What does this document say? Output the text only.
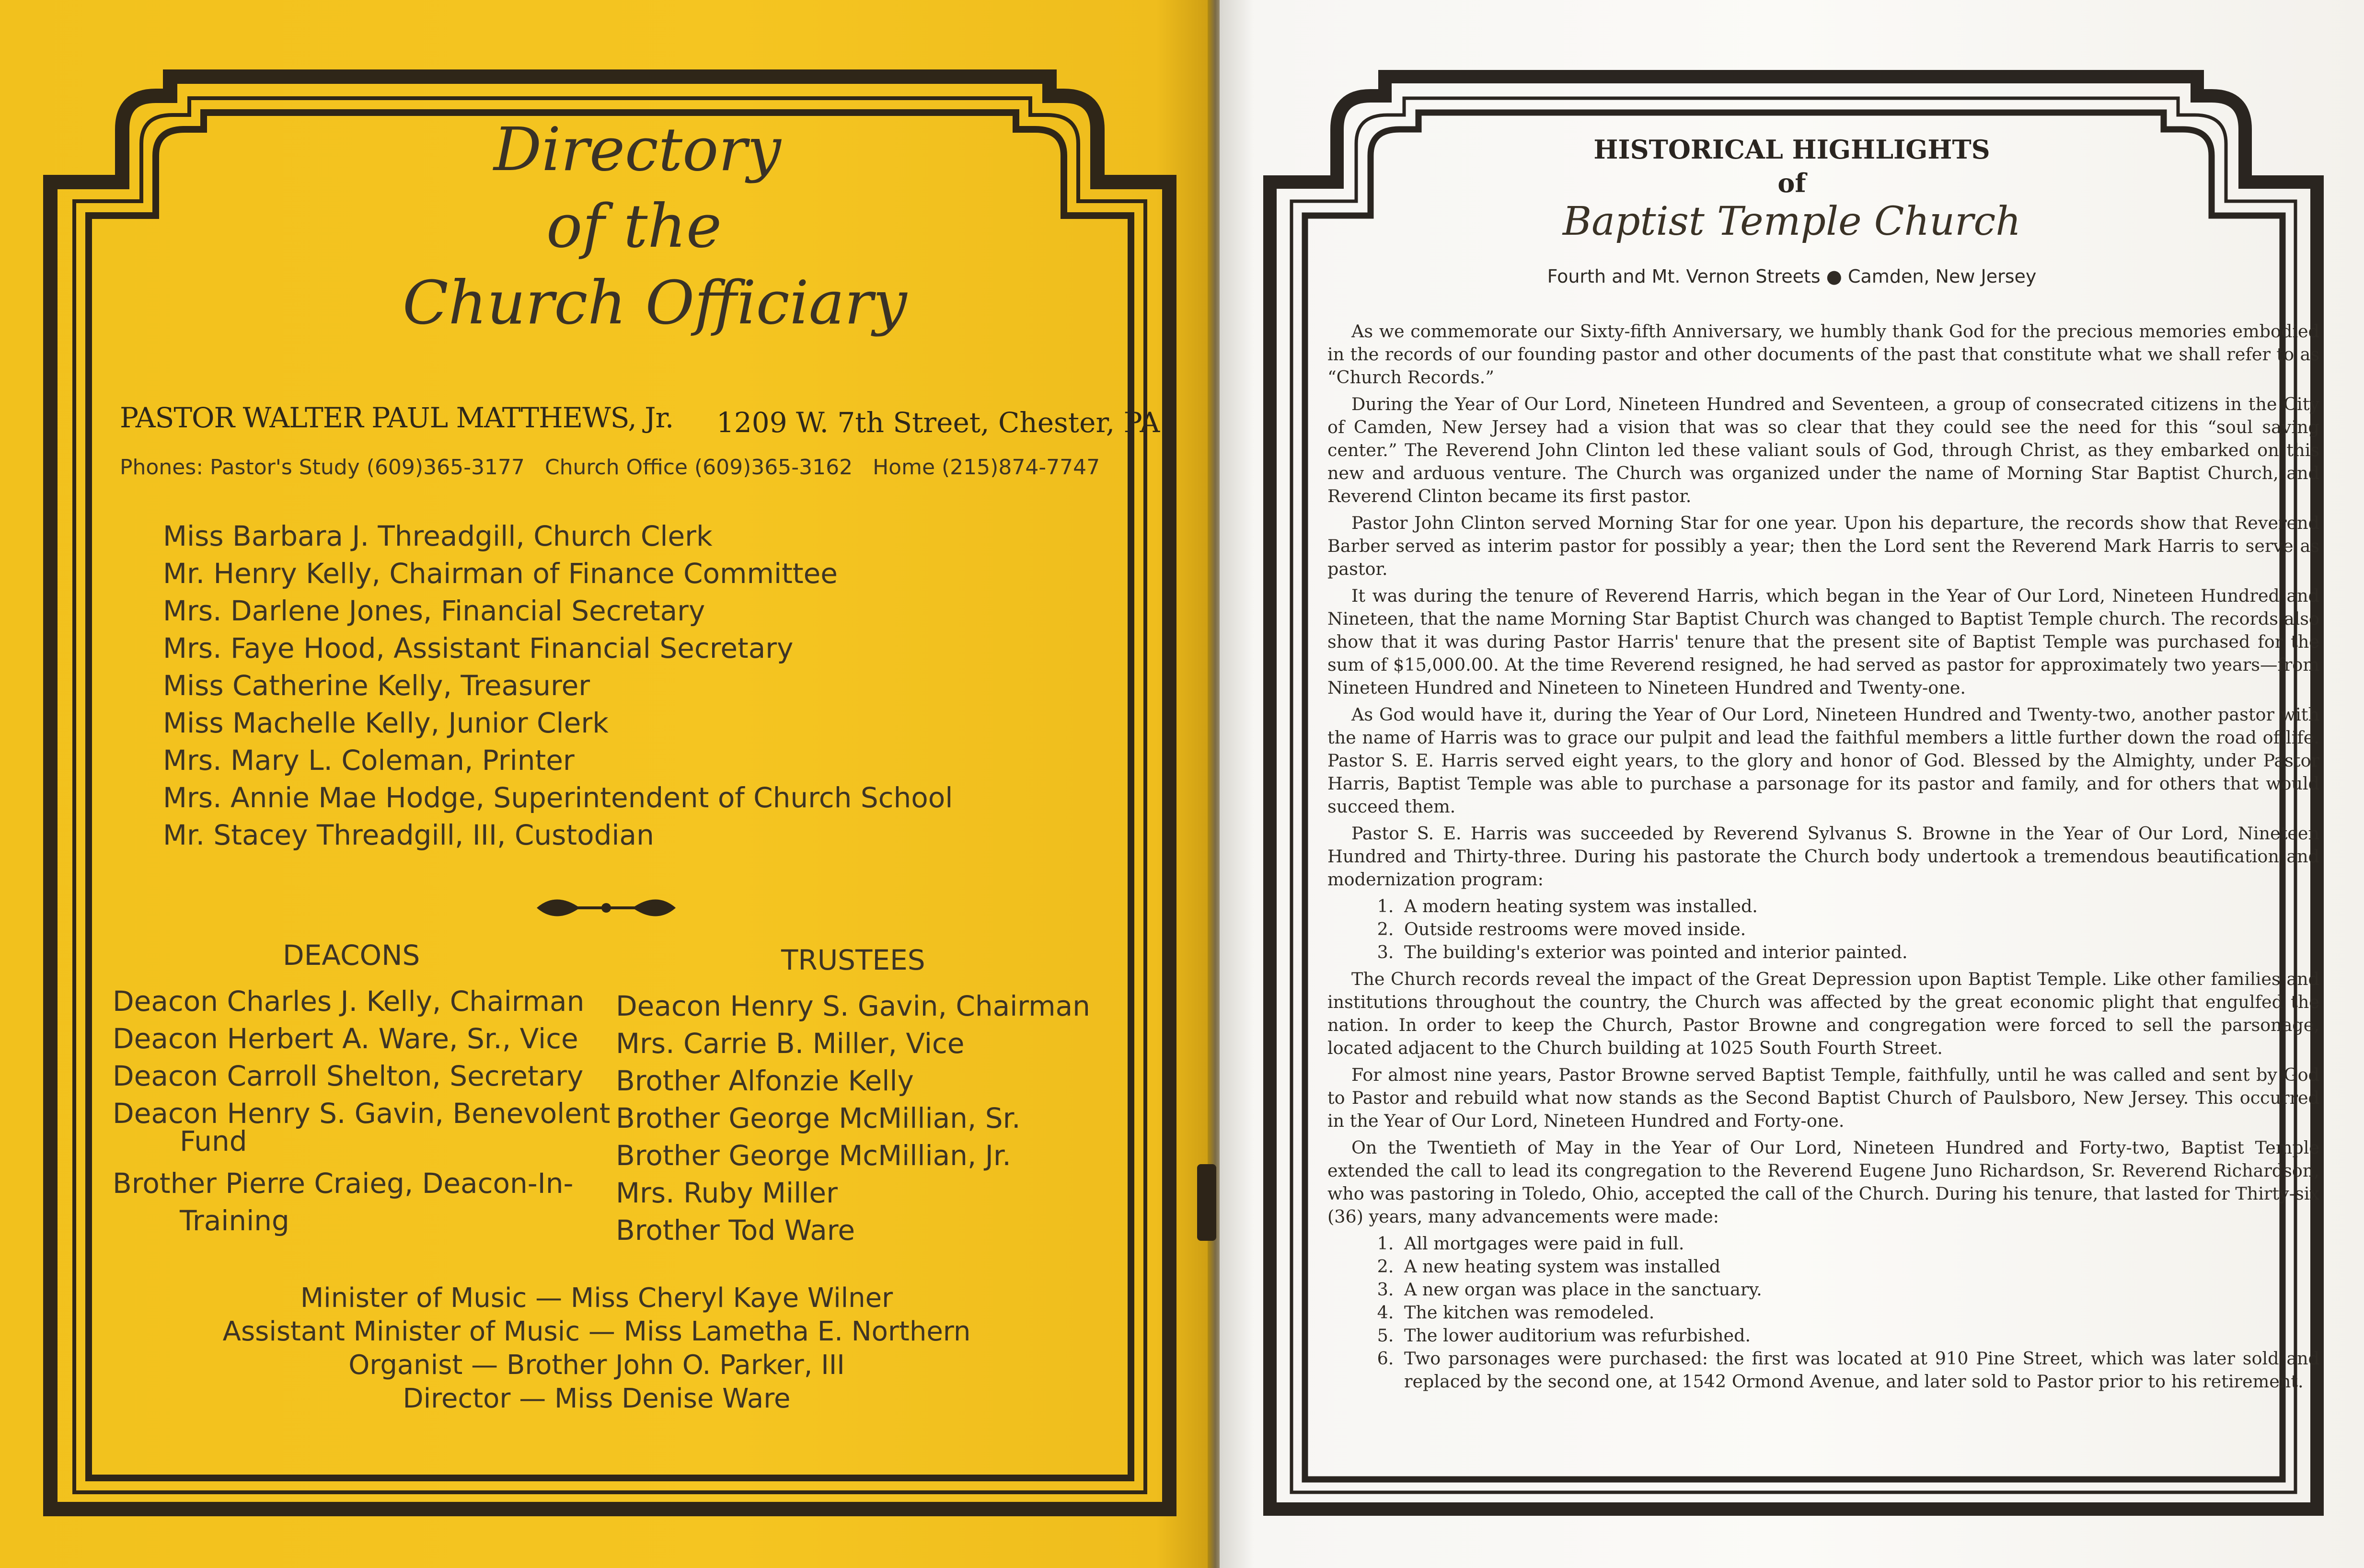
Directory
of the
Church Officiary
PASTOR WALTER PAUL MATTHEWS, Jr. 1209 W. 7th Street, Chester, PA
Phones: Pastor's Study (609)365-3177   Church Office (609)365-3162   Home (215)874-7747
Miss Barbara J. Threadgill, Church Clerk
Mr. Henry Kelly, Chairman of Finance Committee
Mrs. Darlene Jones, Financial Secretary
Mrs. Faye Hood, Assistant Financial Secretary
Miss Catherine Kelly, Treasurer
Miss Machelle Kelly, Junior Clerk
Mrs. Mary L. Coleman, Printer
Mrs. Annie Mae Hodge, Superintendent of Church School
Mr. Stacey Threadgill, III, Custodian
DEACONS
Deacon Charles J. Kelly, Chairman
Deacon Herbert A. Ware, Sr., Vice
Deacon Carroll Shelton, Secretary
Deacon Henry S. Gavin, Benevolent
Fund
Brother Pierre Craieg, Deacon-In-
Training
TRUSTEES
Deacon Henry S. Gavin, Chairman
Mrs. Carrie B. Miller, Vice
Brother Alfonzie Kelly
Brother George McMillian, Sr.
Brother George McMillian, Jr.
Mrs. Ruby Miller
Brother Tod Ware
Minister of Music — Miss Cheryl Kaye Wilner
Assistant Minister of Music — Miss Lametha E. Northern
Organist — Brother John O. Parker, III
Director — Miss Denise Ware
HISTORICAL HIGHLIGHTS
of
Baptist Temple Church
Fourth and Mt. Vernon Streets ● Camden, New Jersey

As we commemorate our Sixty-fifth Anniversary, we humbly thank God for the precious memories embodied in the records of our founding pastor and other documents of the past that constitute what we shall refer to as “Church Records.”

During the Year of Our Lord, Nineteen Hundred and Seventeen, a group of consecrated citizens in the City of Camden, New Jersey had a vision that was so clear that they could see the need for this “soul saving center.” The Reverend John Clinton led these valiant souls of God, through Christ, as they embarked on this new and arduous venture. The Church was organized under the name of Morning Star Baptist Church, and Reverend Clinton became its first pastor.

Pastor John Clinton served Morning Star for one year. Upon his departure, the records show that Reverend Barber served as interim pastor for possibly a year; then the Lord sent the Reverend Mark Harris to serve as pastor.

It was during the tenure of Reverend Harris, which began in the Year of Our Lord, Nineteen Hundred and Nineteen, that the name Morning Star Baptist Church was changed to Baptist Temple church. The records also show that it was during Pastor Harris' tenure that the present site of Baptist Temple was purchased for the sum of $15,000.00. At the time Reverend resigned, he had served as pastor for approximately two years—from Nineteen Hundred and Nineteen to Nineteen Hundred and Twenty-one.

As God would have it, during the Year of Our Lord, Nineteen Hundred and Twenty-two, another pastor with the name of Harris was to grace our pulpit and lead the faithful members a little further down the road of life. Pastor S. E. Harris served eight years, to the glory and honor of God. Blessed by the Almighty, under Pastor Harris, Baptist Temple was able to purchase a parsonage for its pastor and family, and for others that would succeed them.

Pastor S. E. Harris was succeeded by Reverend Sylvanus S. Browne in the Year of Our Lord, Nineteen Hundred and Thirty-three. During his pastorate the Church body undertook a tremendous beautification and modernization program:

1. A modern heating system was installed.
2. Outside restrooms were moved inside.
3. The building's exterior was pointed and interior painted.

The Church records reveal the impact of the Great Depression upon Baptist Temple. Like other families and institutions throughout the country, the Church was affected by the great economic plight that engulfed the nation. In order to keep the Church, Pastor Browne and congregation were forced to sell the parsonage, located adjacent to the Church building at 1025 South Fourth Street.

For almost nine years, Pastor Browne served Baptist Temple, faithfully, until he was called and sent by God to Pastor and rebuild what now stands as the Second Baptist Church of Paulsboro, New Jersey. This occurred in the Year of Our Lord, Nineteen Hundred and Forty-one.

On the Twentieth of May in the Year of Our Lord, Nineteen Hundred and Forty-two, Baptist Temple extended the call to lead its congregation to the Reverend Eugene Juno Richardson, Sr. Reverend Richardson, who was pastoring in Toledo, Ohio, accepted the call of the Church. During his tenure, that lasted for Thirty-six (36) years, many advancements were made:

1. All mortgages were paid in full.
2. A new heating system was installed
3. A new organ was place in the sanctuary.
4. The kitchen was remodeled.
5. The lower auditorium was refurbished.
6. Two parsonages were purchased: the first was located at 910 Pine Street, which was later sold and replaced by the second one, at 1542 Ormond Avenue, and later sold to Pastor prior to his retirement.
